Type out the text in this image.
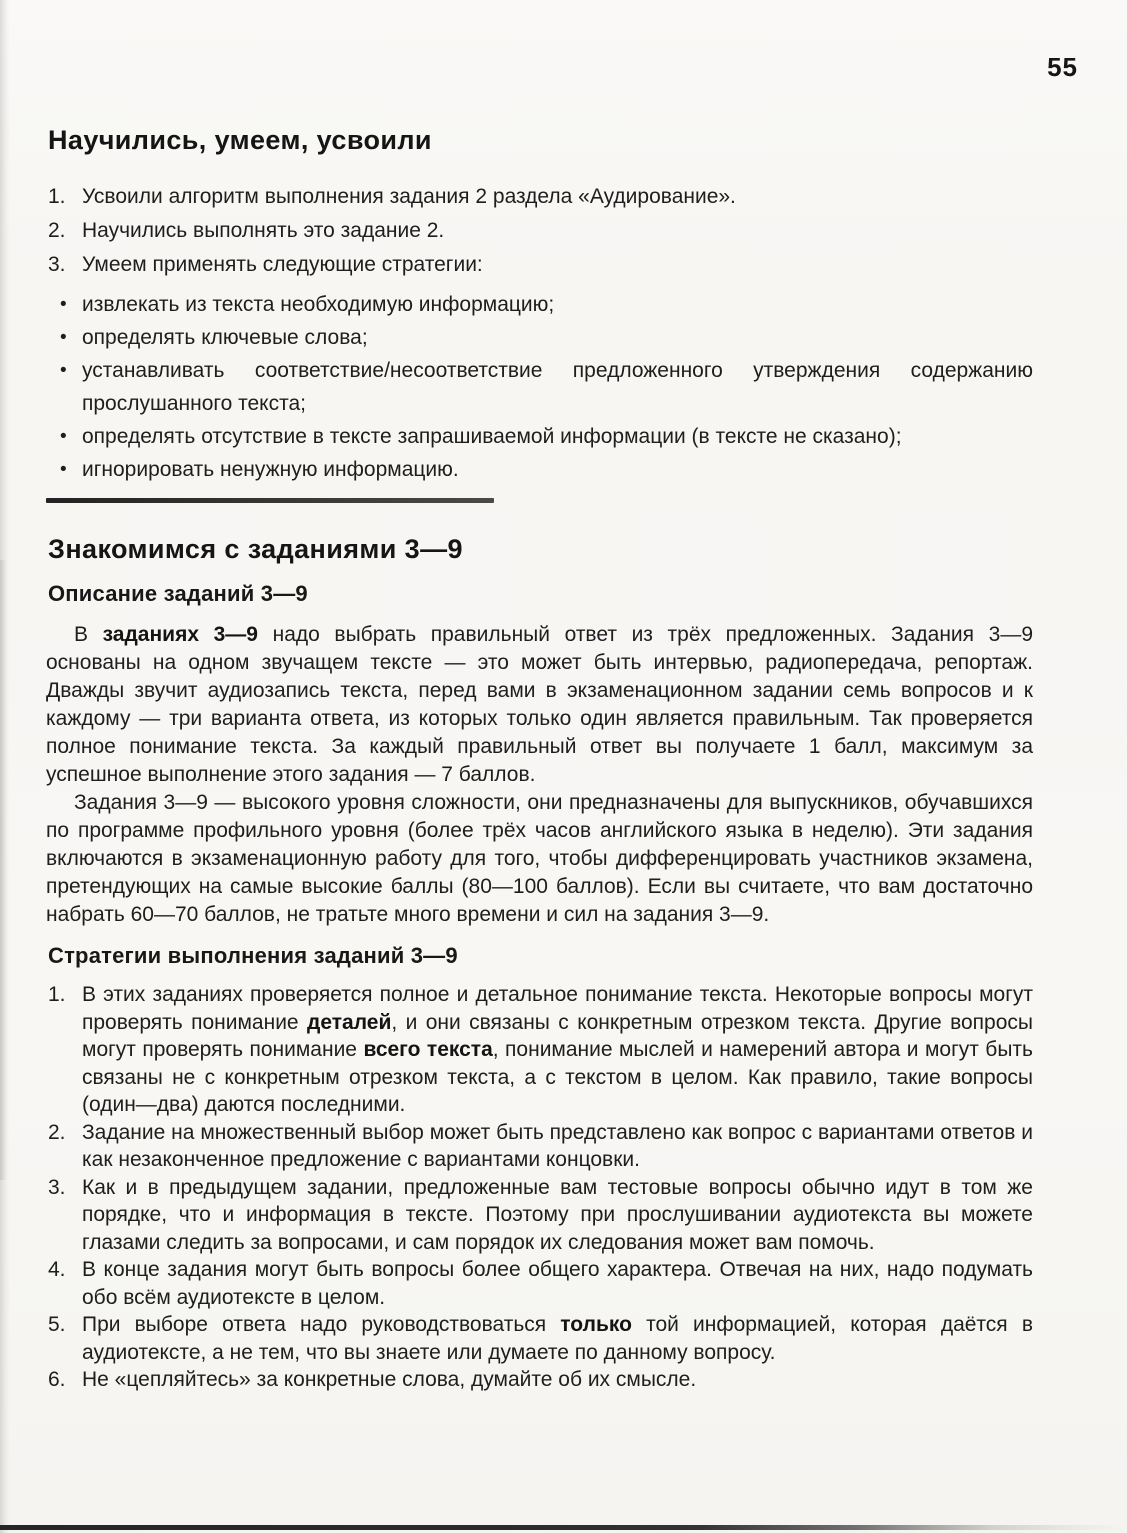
55
Научились, умеем, усвоили
1. Усвоили алгоритм выполнения задания 2 раздела «Аудирование».
2. Научились выполнять это задание 2.
3. Умеем применять следующие стратегии:
• извлекать из текста необходимую информацию;
• определять ключевые слова;
• устанавливать соответствие/несоответствие предложенного утверждения содержанию прослушанного текста;
• определять отсутствие в тексте запрашиваемой информации (в тексте не сказано);
• игнорировать ненужную информацию.
Знакомимся с заданиями 3—9
Описание заданий 3—9

В заданиях 3—9 надо выбрать правильный ответ из трёх предложенных. Задания 3—9 основаны на одном звучащем тексте — это может быть интервью, радиопередача, репортаж. Дважды звучит аудиозапись текста, перед вами в экзаменационном задании семь вопросов и к каждому — три варианта ответа, из которых только один является правильным. Так проверяется полное понимание текста. За каждый правильный ответ вы получаете 1 балл, максимум за успешное выполнение этого задания — 7 баллов.

Задания 3—9 — высокого уровня сложности, они предназначены для выпускников, обучавшихся по программе профильного уровня (более трёх часов английского языка в неделю). Эти задания включаются в экзаменационную работу для того, чтобы дифференцировать участников экзамена, претендующих на самые высокие баллы (80—100 баллов). Если вы считаете, что вам достаточно набрать 60—70 баллов, не тратьте много времени и сил на задания 3—9.

Стратегии выполнения заданий 3—9
1. В этих заданиях проверяется полное и детальное понимание текста. Некоторые вопросы могут проверять понимание деталей, и они связаны с конкретным отрезком текста. Другие вопросы могут проверять понимание всего текста, понимание мыслей и намерений автора и могут быть связаны не с конкретным отрезком текста, а с текстом в целом. Как правило, такие вопросы (один—два) даются последними.
2. Задание на множественный выбор может быть представлено как вопрос с вариантами ответов и как незаконченное предложение с вариантами концовки.
3. Как и в предыдущем задании, предложенные вам тестовые вопросы обычно идут в том же порядке, что и информация в тексте. Поэтому при прослушивании аудиотекста вы можете глазами следить за вопросами, и сам порядок их следования может вам помочь.
4. В конце задания могут быть вопросы более общего характера. Отвечая на них, надо подумать обо всём аудиотексте в целом.
5. При выборе ответа надо руководствоваться только той информацией, которая даётся в аудиотексте, а не тем, что вы знаете или думаете по данному вопросу.
6. Не «цепляйтесь» за конкретные слова, думайте об их смысле.
